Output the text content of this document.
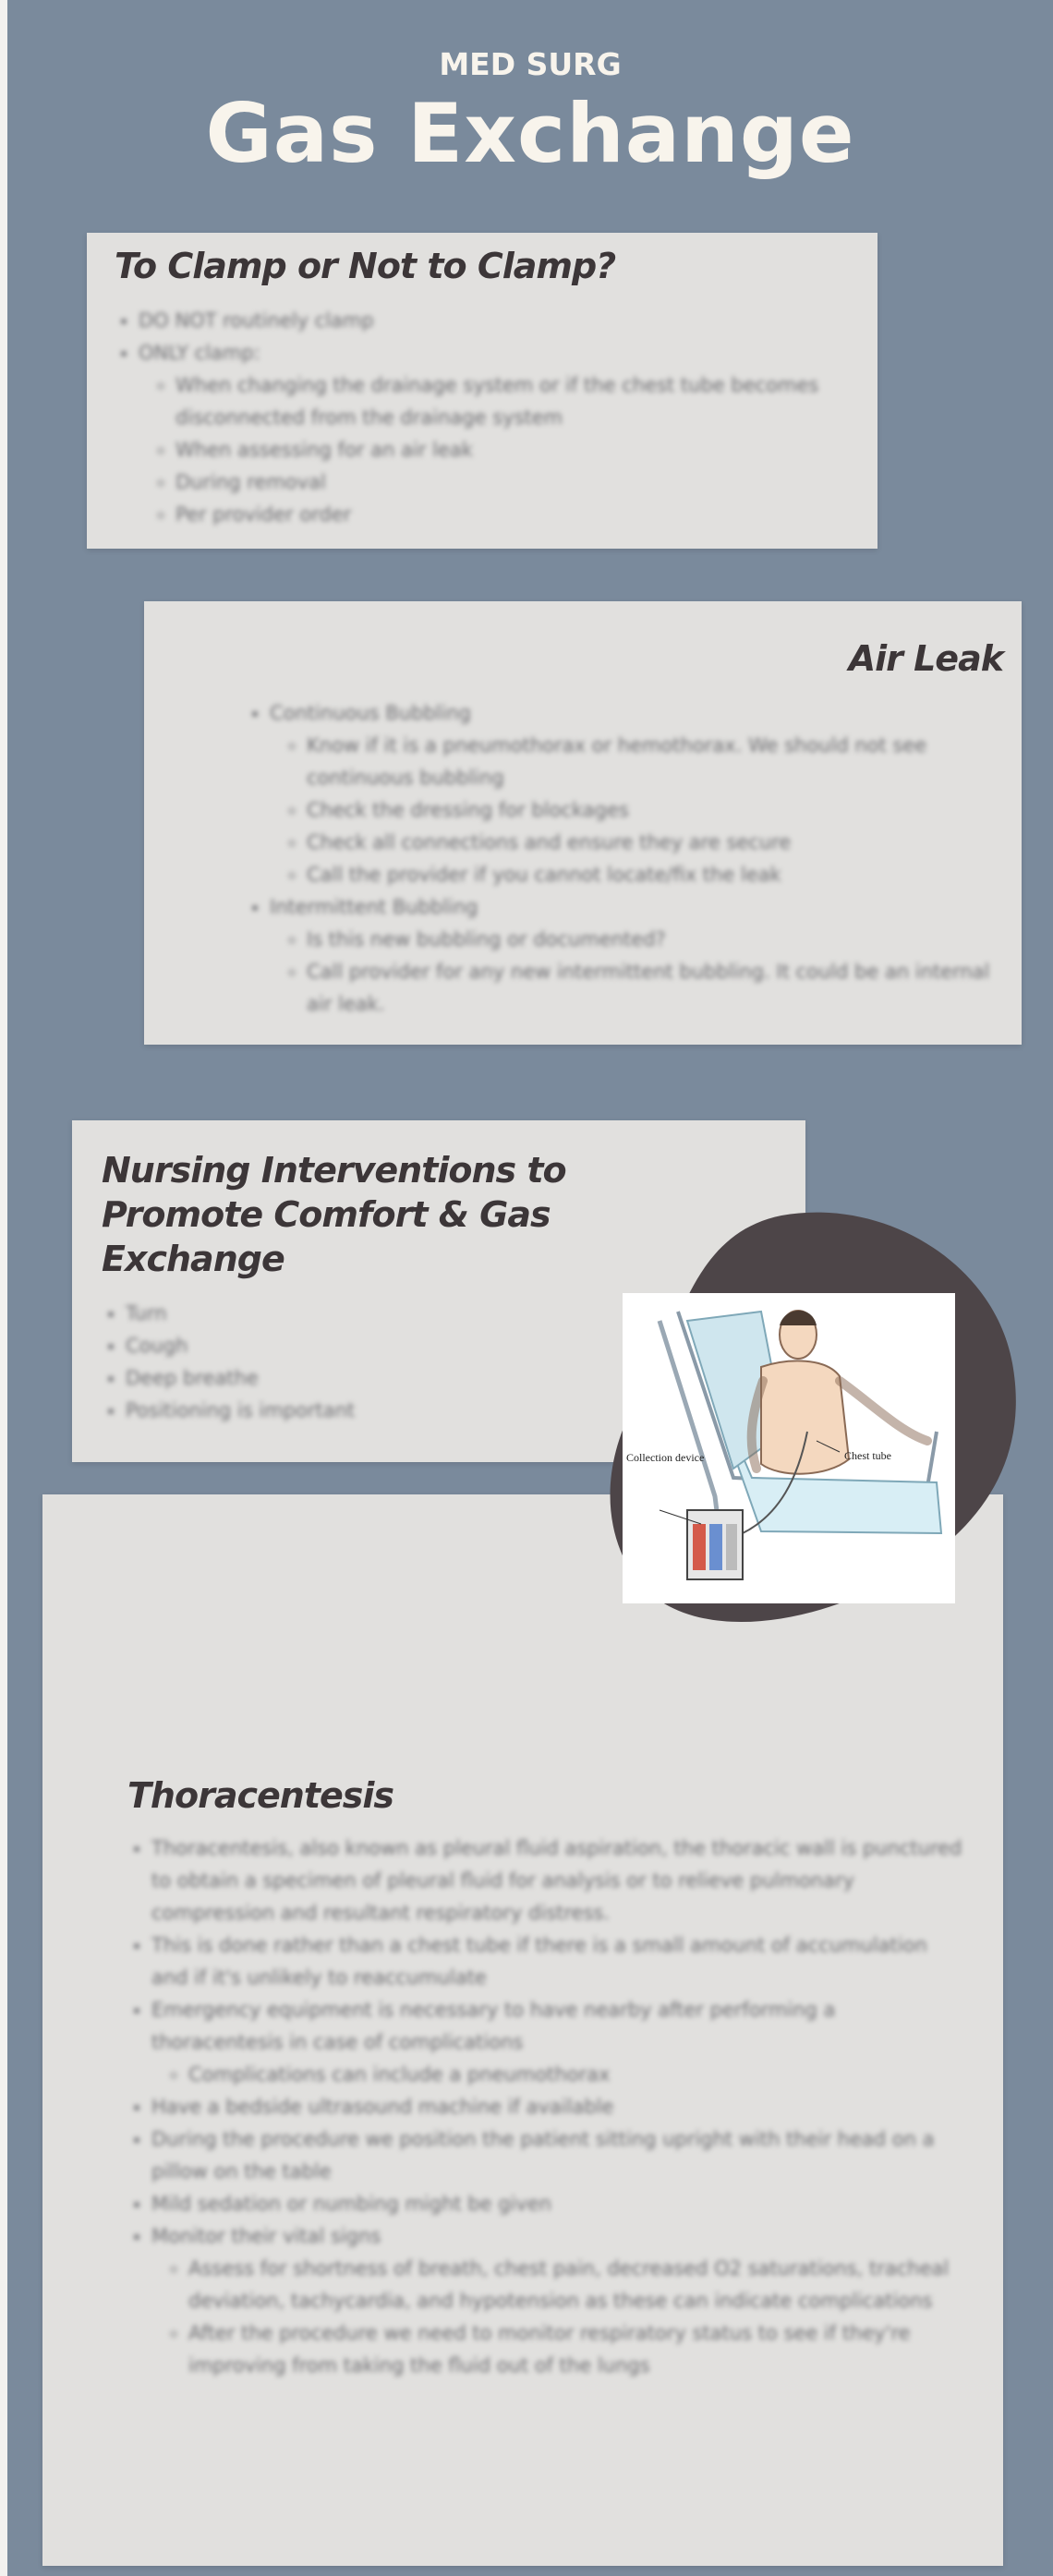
MED SURG
Gas Exchange
To Clamp or Not to Clamp?
• DO NOT routinely clamp
• ONLY clamp:
◦ When changing the drainage system or if the chest tube becomes disconnected from the drainage system
◦ When assessing for an air leak
◦ During removal
◦ Per provider order
Air Leak
• Continuous Bubbling
◦ Know if it is a pneumothorax or hemothorax. We should not see continuous bubbling
◦ Check the dressing for blockages
◦ Check all connections and ensure they are secure
◦ Call the provider if you cannot locate/fix the leak
• Intermittent Bubbling
◦ Is this new bubbling or documented?
◦ Call provider for any new intermittent bubbling. It could be an internal air leak.
Nursing Interventions to Promote Comfort & Gas Exchange
• Turn
• Cough
• Deep breathe
• Positioning is important
Thoracentesis
• Thoracentesis, also known as pleural fluid aspiration, the thoracic wall is punctured to obtain a specimen of pleural fluid for analysis or to relieve pulmonary compression and resultant respiratory distress.
• This is done rather than a chest tube if there is a small amount of accumulation and if it's unlikely to reaccumulate
• Emergency equipment is necessary to have nearby after performing a thoracentesis in case of complications
◦ Complications can include a pneumothorax
• Have a bedside ultrasound machine if available
• During the procedure we position the patient sitting upright with their head on a pillow on the table
• Mild sedation or numbing might be given
• Monitor their vital signs
◦ Assess for shortness of breath, chest pain, decreased O2 saturations, tracheal deviation, tachycardia, and hypotension as these can indicate complications
◦ After the procedure we need to monitor respiratory status to see if they're improving from taking the fluid out of the lungs
Collection device	Chest tube
